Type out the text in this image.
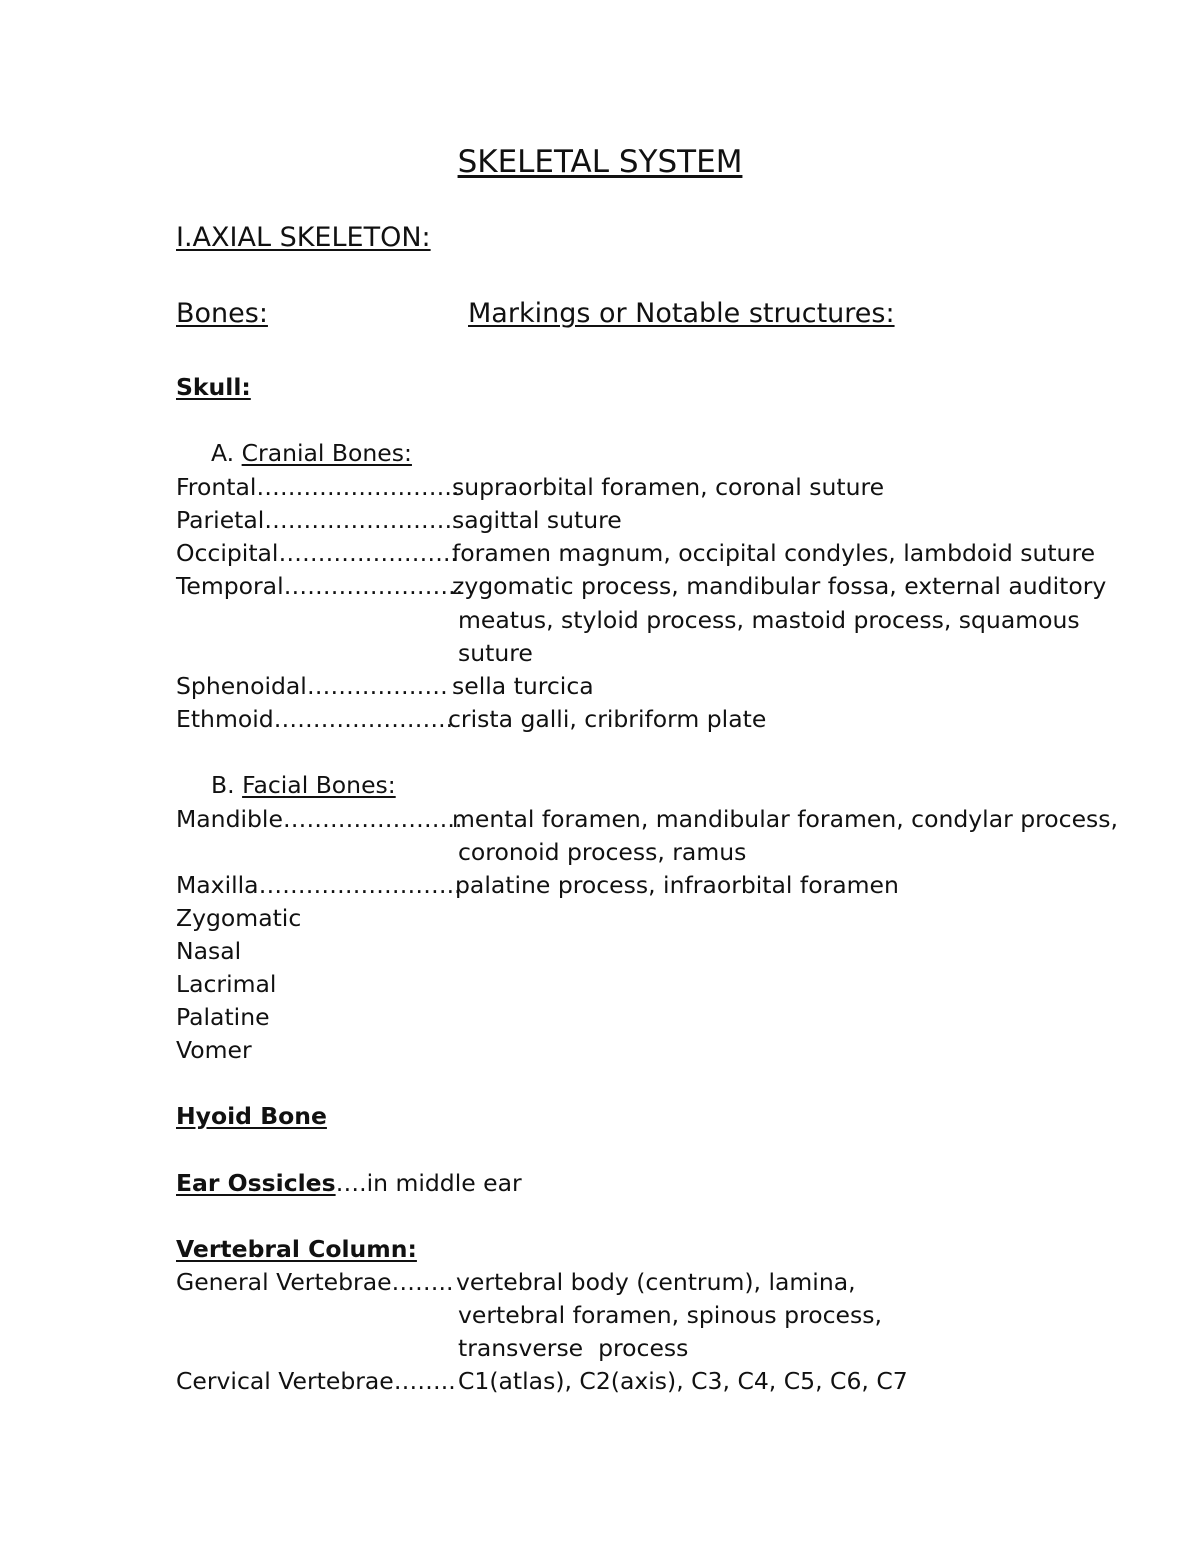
SKELETAL SYSTEM
I.AXIAL SKELETON:
Bones:	Markings or Notable structures:
Skull:
A. Cranial Bones:
Frontal……………………..
supraorbital foramen, coronal suture
Parietal…………………… sagittal suture
Occipital…………………..
foramen magnum, occipital condyles, lambdoid suture
Temporal…………………..
zygomatic process, mandibular fossa, external auditory
meatus, styloid process, mastoid process, squamous
suture
Sphenoidal……………… sella turcica
Ethmoid…………………..
crista galli, cribriform plate
B. Facial Bones:
Mandible…………………..
mental foramen, mandibular foramen, condylar process,
coronoid process, ramus
Maxilla……………………..
palatine process, infraorbital foramen
Zygomatic
Nasal
Lacrimal
Palatine
Vomer
Hyoid Bone
Ear Ossicles….in middle ear
Vertebral Column:
General Vertebrae…….. vertebral body (centrum), lamina,
vertebral foramen, spinous process,
transverse  process
Cervical Vertebrae…….. C1(atlas), C2(axis), C3, C4, C5, C6, C7
